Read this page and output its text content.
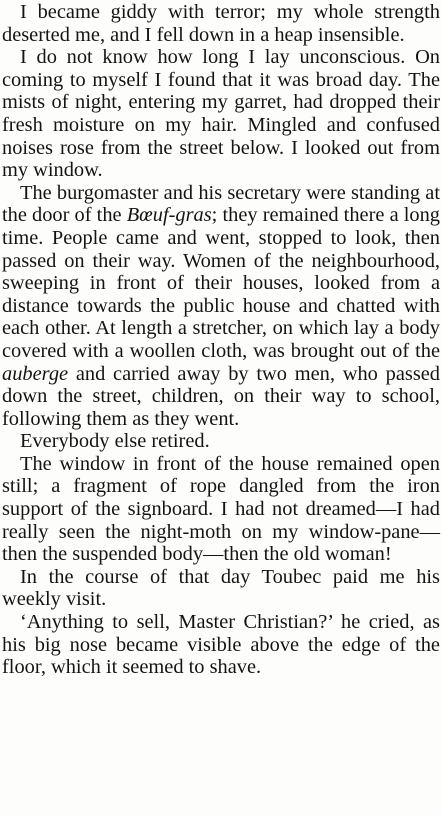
I became giddy with terror; my whole strength deserted me, and I fell down in a heap insensible.

I do not know how long I lay unconscious. On coming to myself I found that it was broad day. The mists of night, entering my garret, had dropped their fresh moisture on my hair. Mingled and confused noises rose from the street below. I looked out from my window.

The burgomaster and his secretary were standing at the door of the Bœuf-gras; they remained there a long time. People came and went, stopped to look, then passed on their way. Women of the neighbourhood, sweeping in front of their houses, looked from a distance towards the public house and chatted with each other. At length a stretcher, on which lay a body covered with a woollen cloth, was brought out of the auberge and carried away by two men, who passed down the street, children, on their way to school, following them as they went.

Everybody else retired.

The window in front of the house remained open still; a fragment of rope dangled from the iron support of the signboard. I had not dreamed—I had really seen the night-moth on my window-pane—then the suspended body—then the old woman!

In the course of that day Toubec paid me his weekly visit.

‘Anything to sell, Master Christian?’ he cried, as his big nose became visible above the edge of the floor, which it seemed to shave.
